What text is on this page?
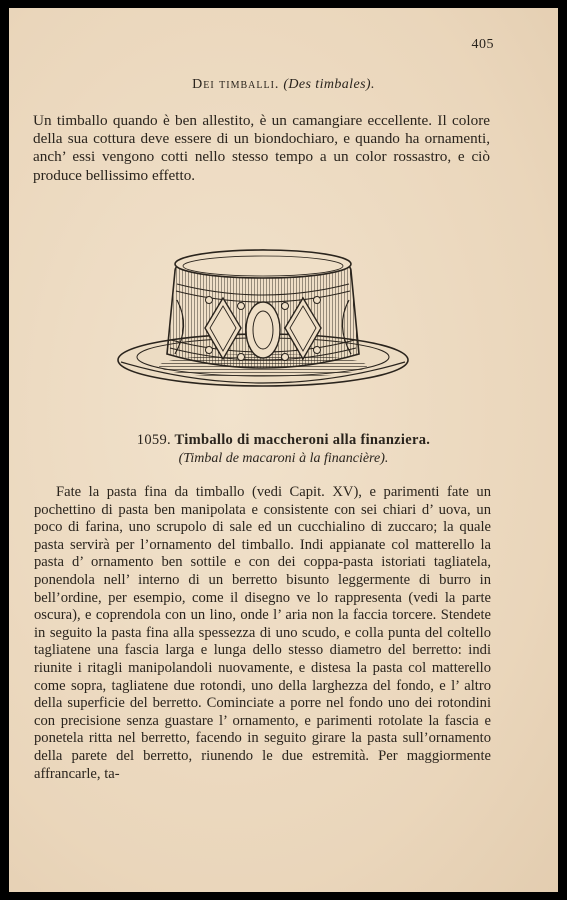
405
Dei timballi. (Des timbales).

Un timballo quando è ben allestito, è un camangiare eccellente. Il colore della sua cottura deve essere di un biondochiaro, e quando ha ornamenti, anch’ essi vengono cotti nello stesso tempo a un color rossastro, e ciò produce bellissimo effetto.

1059. Timballo di maccheroni alla finanziera.
(Timbal de macaroni à la financière).

Fate la pasta fina da timballo (vedi Capit. XV), e parimenti fate un pochettino di pasta ben manipolata e consistente con sei chiari d’ uova, un poco di farina, uno scrupolo di sale ed un cucchialino di zuccaro; la quale pasta servirà per l’ornamento del timballo. Indi appianate col matterello la pasta d’ ornamento ben sottile e con dei coppa-pasta istoriati tagliatela, ponendola nell’ interno di un berretto bisunto leggermente di burro in bell’ordine, per esempio, come il disegno ve lo rappresenta (vedi la parte oscura), e coprendola con un lino, onde l’ aria non la faccia torcere. Stendete in seguito la pasta fina alla spessezza di uno scudo, e colla punta del coltello tagliatene una fascia larga e lunga dello stesso diametro del berretto: indi riunite i ritagli manipolandoli nuovamente, e distesa la pasta col matterello come sopra, tagliatene due rotondi, uno della larghezza del fondo, e l’ altro della superficie del berretto. Cominciate a porre nel fondo uno dei rotondini con precisione senza guastare l’ ornamento, e parimenti rotolate la fascia e ponetela ritta nel berretto, facendo in seguito girare la pasta sull’ornamento della parete del berretto, riunendo le due estremità. Per maggiormente affrancarle, ta-
